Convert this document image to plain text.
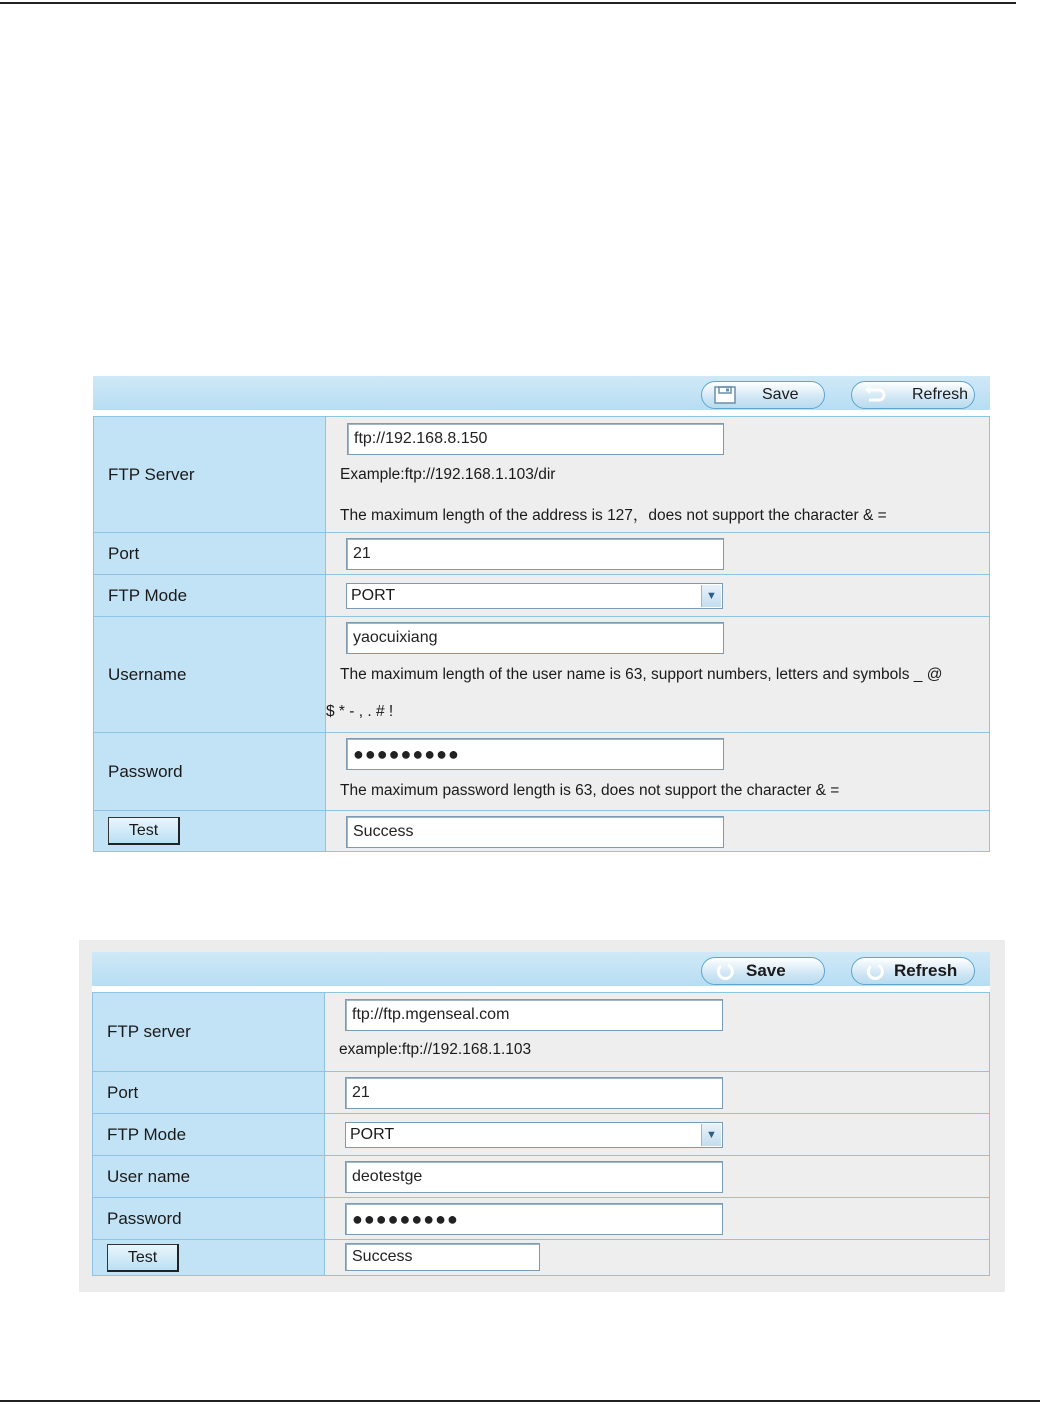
Save	Refresh
FTP Server	ftp://192.168.8.150
Example:ftp://192.168.1.103/dir
The maximum length of the address is 127，does not support the character & =

Port	21

FTP Mode	PORT ▼

Username	yaocuixiang
The maximum length of the user name is 63, support numbers, letters and symbols _ @
$ * - , . # !

Password	●●●●●●●●●
The maximum password length is 63, does not support the character & =

Test	Success
Save	Refresh
FTP server	ftp://ftp.mgenseal.com
example:ftp://192.168.1.103

Port	21

FTP Mode	PORT ▼

User name	deotestge

Password	●●●●●●●●●

Test	Success
